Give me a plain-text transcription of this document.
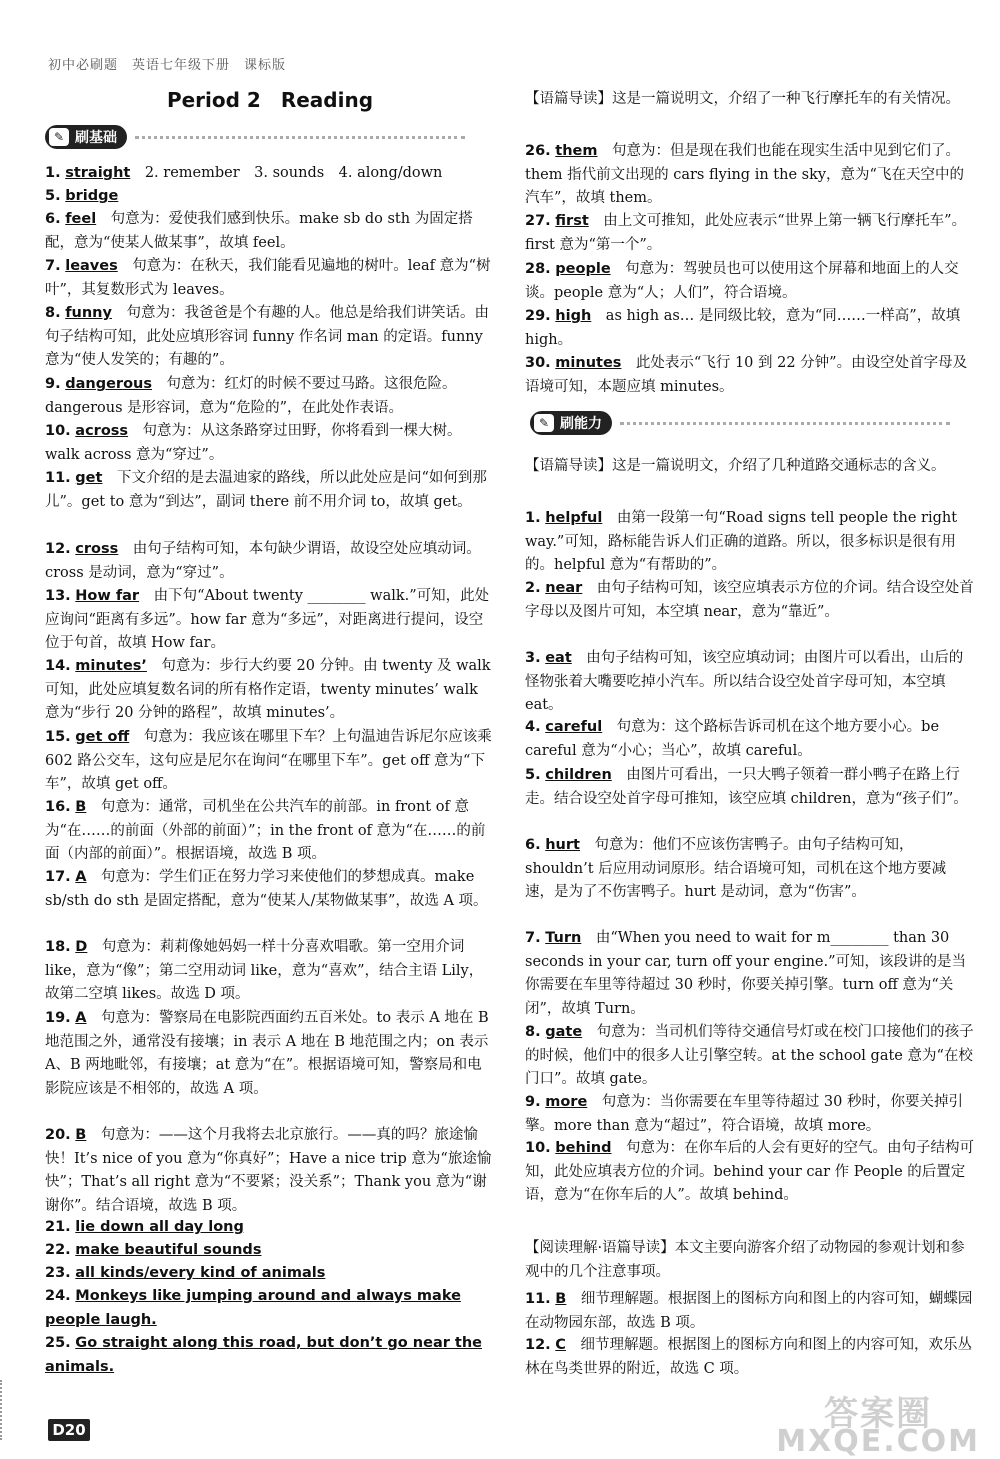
初中必刷题　英语七年级下册　课标版
Period 2　Reading
✎ 刷基础
1. straight　2. remember　3. sounds　4. along/down
5. bridge
6. feel　句意为：爱使我们感到快乐。make sb do sth 为固定搭配，意为“使某人做某事”，故填 feel。
7. leaves　句意为：在秋天，我们能看见遍地的树叶。leaf 意为“树叶”，其复数形式为 leaves。
8. funny　句意为：我爸爸是个有趣的人。他总是给我们讲笑话。由句子结构可知，此处应填形容词 funny 作名词 man 的定语。funny 意为“使人发笑的；有趣的”。
9. dangerous　句意为：红灯的时候不要过马路。这很危险。dangerous 是形容词，意为“危险的”，在此处作表语。
10. across　句意为：从这条路穿过田野，你将看到一棵大树。walk across 意为“穿过”。
11. get　下文介绍的是去温迪家的路线，所以此处应是问“如何到那儿”。get to 意为“到达”，副词 there 前不用介词 to，故填 get。
12. cross　由句子结构可知，本句缺少谓语，故设空处应填动词。cross 是动词，意为“穿过”。
13. How far　由下句“About twenty ________ walk.”可知，此处应询问“距离有多远”。how far 意为“多远”，对距离进行提问，设空位于句首，故填 How far。
14. minutes’　句意为：步行大约要 20 分钟。由 twenty 及 walk 可知，此处应填复数名词的所有格作定语，twenty minutes’ walk 意为“步行 20 分钟的路程”，故填 minutes’。
15. get off　句意为：我应该在哪里下车？上句温迪告诉尼尔应该乘 602 路公交车，这句应是尼尔在询问“在哪里下车”。get off 意为“下车”，故填 get off。
16. B　句意为：通常，司机坐在公共汽车的前部。in front of 意为“在……的前面（外部的前面）”；in the front of 意为“在……的前面（内部的前面）”。根据语境，故选 B 项。
17. A　句意为：学生们正在努力学习来使他们的梦想成真。make sb/sth do sth 是固定搭配，意为“使某人/某物做某事”，故选 A 项。
18. D　句意为：莉莉像她妈妈一样十分喜欢唱歌。第一空用介词 like，意为“像”；第二空用动词 like，意为“喜欢”，结合主语 Lily，故第二空填 likes。故选 D 项。
19. A　句意为：警察局在电影院西面约五百米处。to 表示 A 地在 B 地范围之外，通常没有接壤；in 表示 A 地在 B 地范围之内；on 表示 A、B 两地毗邻，有接壤；at 意为“在”。根据语境可知，警察局和电影院应该是不相邻的，故选 A 项。
20. B　句意为：——这个月我将去北京旅行。——真的吗？旅途愉快！It’s nice of you 意为“你真好”；Have a nice trip 意为“旅途愉快”；That’s all right 意为“不要紧；没关系”；Thank you 意为“谢谢你”。结合语境，故选 B 项。
21. lie down all day long
22. make beautiful sounds
23. all kinds/every kind of animals
24. Monkeys like jumping around and always make people laugh.
25. Go straight along this road, but don’t go near the animals.
✎ 刷能力
【语篇导读】这是一篇说明文，介绍了一种飞行摩托车的有关情况。
26. them　句意为：但是现在我们也能在现实生活中见到它们了。them 指代前文出现的 cars flying in the sky，意为“飞在天空中的汽车”，故填 them。
27. first　由上文可推知，此处应表示“世界上第一辆飞行摩托车”。first 意为“第一个”。
28. people　句意为：驾驶员也可以使用这个屏幕和地面上的人交谈。people 意为“人；人们”，符合语境。
29. high　as high as… 是同级比较，意为“同……一样高”，故填 high。
30. minutes　此处表示“飞行 10 到 22 分钟”。由设空处首字母及语境可知，本题应填 minutes。
【语篇导读】这是一篇说明文，介绍了几种道路交通标志的含义。
1. helpful　由第一段第一句“Road signs tell people the right way.”可知，路标能告诉人们正确的道路。所以，很多标识是很有用的。helpful 意为“有帮助的”。
2. near　由句子结构可知，该空应填表示方位的介词。结合设空处首字母以及图片可知，本空填 near，意为“靠近”。
3. eat　由句子结构可知，该空应填动词；由图片可以看出，山后的怪物张着大嘴要吃掉小汽车。所以结合设空处首字母可知，本空填 eat。
4. careful　句意为：这个路标告诉司机在这个地方要小心。be careful 意为“小心；当心”，故填 careful。
5. children　由图片可看出，一只大鸭子领着一群小鸭子在路上行走。结合设空处首字母可推知，该空应填 children，意为“孩子们”。
6. hurt　句意为：他们不应该伤害鸭子。由句子结构可知，shouldn’t 后应用动词原形。结合语境可知，司机在这个地方要减速，是为了不伤害鸭子。hurt 是动词，意为“伤害”。
7. Turn　由“When you need to wait for m________ than 30 seconds in your car, turn off your engine.”可知，该段讲的是当你需要在车里等待超过 30 秒时，你要关掉引擎。turn off 意为“关闭”，故填 Turn。
8. gate　句意为：当司机们等待交通信号灯或在校门口接他们的孩子的时候，他们中的很多人让引擎空转。at the school gate 意为“在校门口”。故填 gate。
9. more　句意为：当你需要在车里等待超过 30 秒时，你要关掉引擎。more than 意为“超过”，符合语境，故填 more。
10. behind　句意为：在你车后的人会有更好的空气。由句子结构可知，此处应填表方位的介词。behind your car 作 People 的后置定语，意为“在你车后的人”。故填 behind。
【阅读理解·语篇导读】本文主要向游客介绍了动物园的参观计划和参观中的几个注意事项。
11. B　细节理解题。根据图上的图标方向和图上的内容可知，蝴蝶园在动物园东部，故选 B 项。
12. C　细节理解题。根据图上的图标方向和图上的内容可知，欢乐丛林在鸟类世界的附近，故选 C 项。
D20	答案圈
MXQE.COM
